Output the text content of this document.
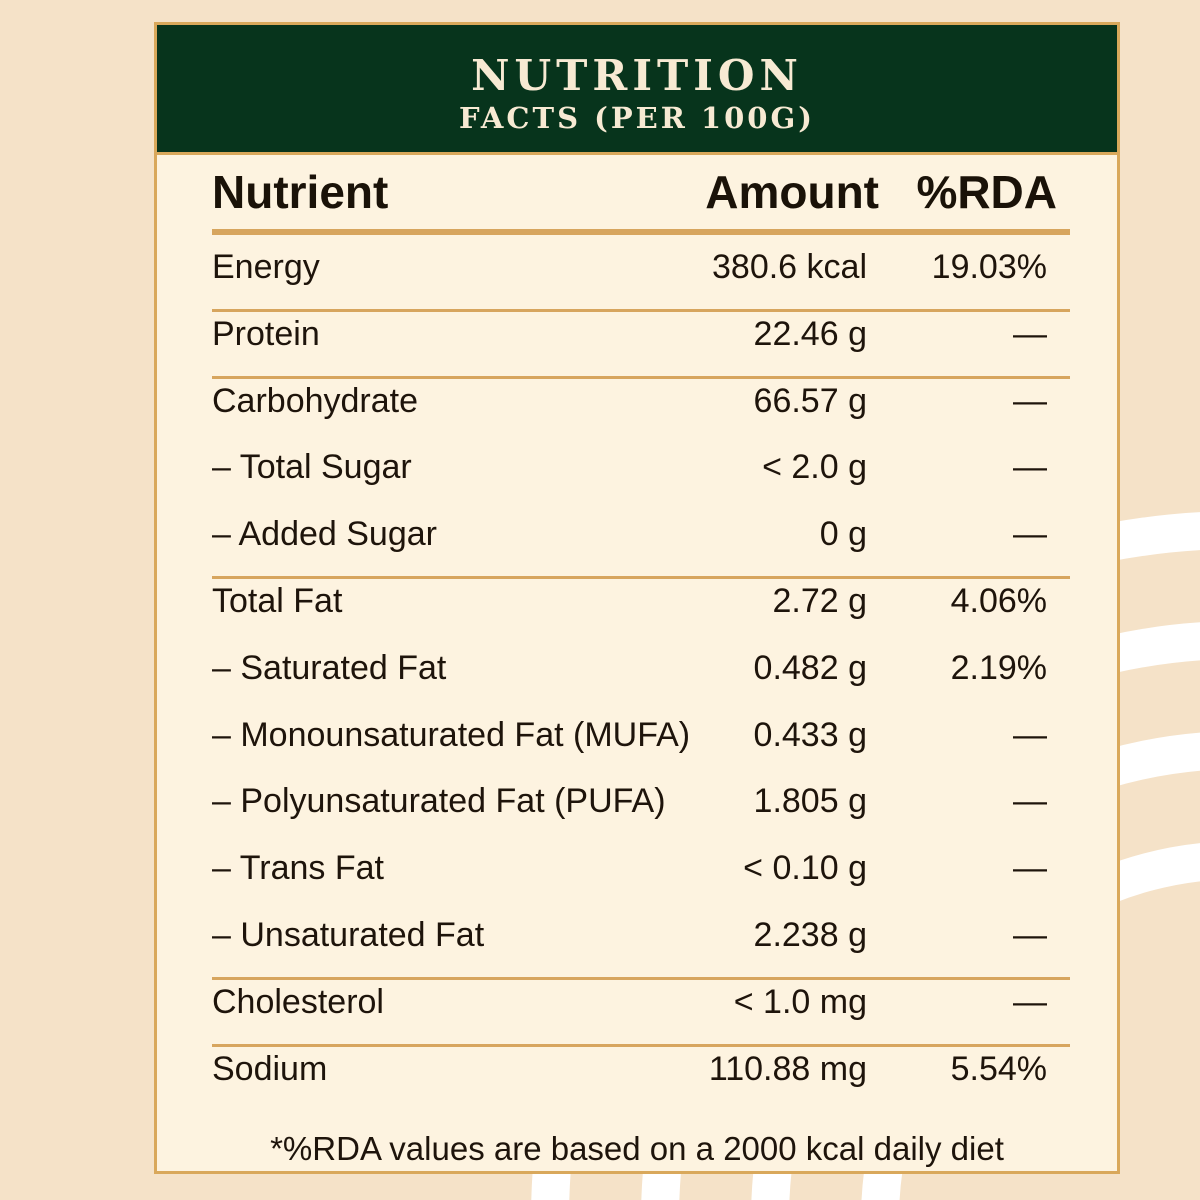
NUTRITION
FACTS (PER 100G)
Nutrient	Amount %RDA
Energy	380.6 kcal 19.03%
Protein	22.46 g	—
Carbohydrate	66.57 g	—
– Total Sugar	< 2.0 g	—
– Added Sugar	0 g	—
Total Fat	2.72 g 4.06%
– Saturated Fat	0.482 g 2.19%
– Monounsaturated Fat (MUFA) 0.433 g	—
– Polyunsaturated Fat (PUFA)	1.805 g	—
– Trans Fat	< 0.10 g	—
– Unsaturated Fat	2.238 g	—
Cholesterol	< 1.0 mg	—
Sodium	110.88 mg 5.54%
*%RDA values are based on a 2000 kcal daily diet
